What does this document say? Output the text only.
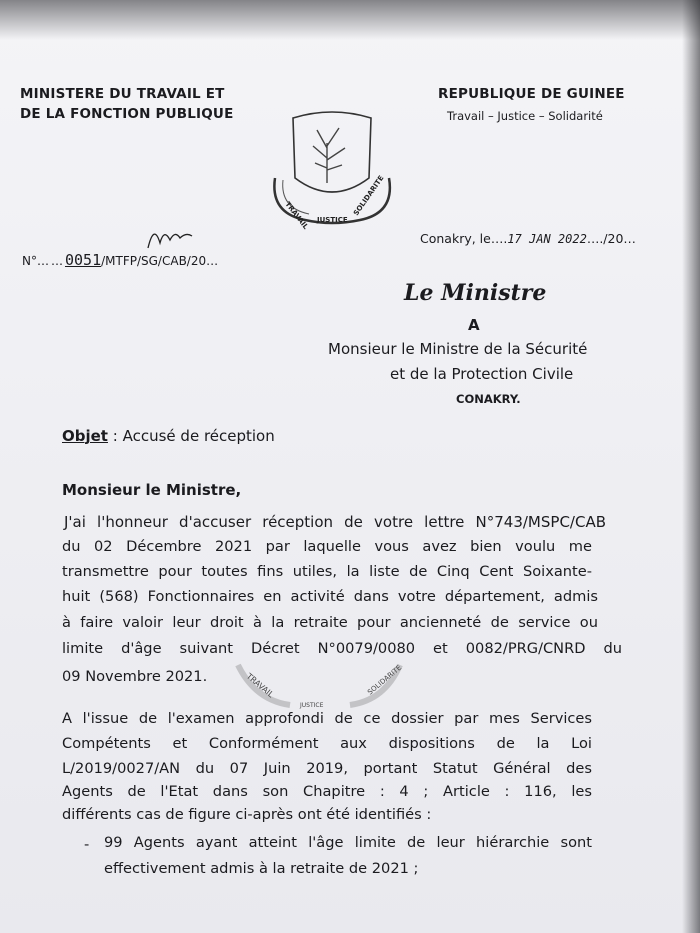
MINISTERE DU TRAVAIL ET
DE LA FONCTION PUBLIQUE
REPUBLIQUE DE GUINEE
Travail – Justice – Solidarité
TRAVAIL JUSTICE
SOLIDARITE
N°……0051/MTFP/SG/CAB/20…
Conakry, le….17 JAN 2022…./20…
Le Ministre
A
Monsieur le Ministre de la Sécurité
et de la Protection Civile
CONAKRY.
Objet : Accusé de réception
Monsieur le Ministre,
J'ai l'honneur d'accuser réception de votre lettre N°743/MSPC/CAB
du 02 Décembre 2021 par laquelle vous avez bien voulu me
transmettre pour toutes fins utiles, la liste de Cinq Cent Soixante-
huit (568) Fonctionnaires en activité dans votre département, admis
à faire valoir leur droit à la retraite pour ancienneté de service ou
limite d'âge suivant Décret N°0079/0080 et 0082/PRG/CNRD du
09 Novembre 2021.	TRAVAIL
JUSTICE
SOLIDARITE
A l'issue de l'examen approfondi de ce dossier par mes Services
Compétents et Conformément aux dispositions de la Loi
L/2019/0027/AN du 07 Juin 2019, portant Statut Général des
Agents de l'Etat dans son Chapitre : 4 ; Article : 116, les
différents cas de figure ci-après ont été identifiés :
- 99 Agents ayant atteint l'âge limite de leur hiérarchie sont
effectivement admis à la retraite de 2021 ;
